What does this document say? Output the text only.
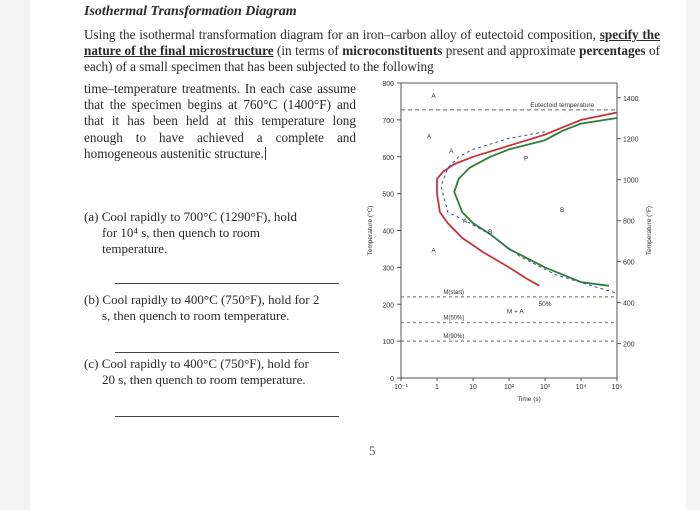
Isothermal Transformation Diagram
Using the isothermal transformation diagram for an iron–carbon alloy of eutectoid composition, specify the nature of the final microstructure (in terms of microconstituents present and approximate percentages of each) of a small specimen that has been subjected to the following
time–temperature treatments. In each case assume that the specimen begins at 760°C (1400°F) and that it has been held at this temperature long enough to have achieved a complete and homogeneous austenitic structure.
(a) Cool rapidly to 700°C (1290°F), hold
for 10⁴ s, then quench to room
temperature.
(b) Cool rapidly to 400°C (750°F), hold for 2
s, then quench to room temperature.
(c) Cool rapidly to 400°C (750°F), hold for
20 s, then quench to room temperature.
5
0
100
200
300
400
500
600
700
800
200
400
600
800
1000
1200
1400
10⁻¹	1	10	10²	10³	10⁴	10⁵
Time (s)
Temperature (°C)	Temperature (°F)
M(start)
M(50%)
M(90%)
Eutectoid temperature
A
A
A
P
B
M + A
50%
A
A
B
